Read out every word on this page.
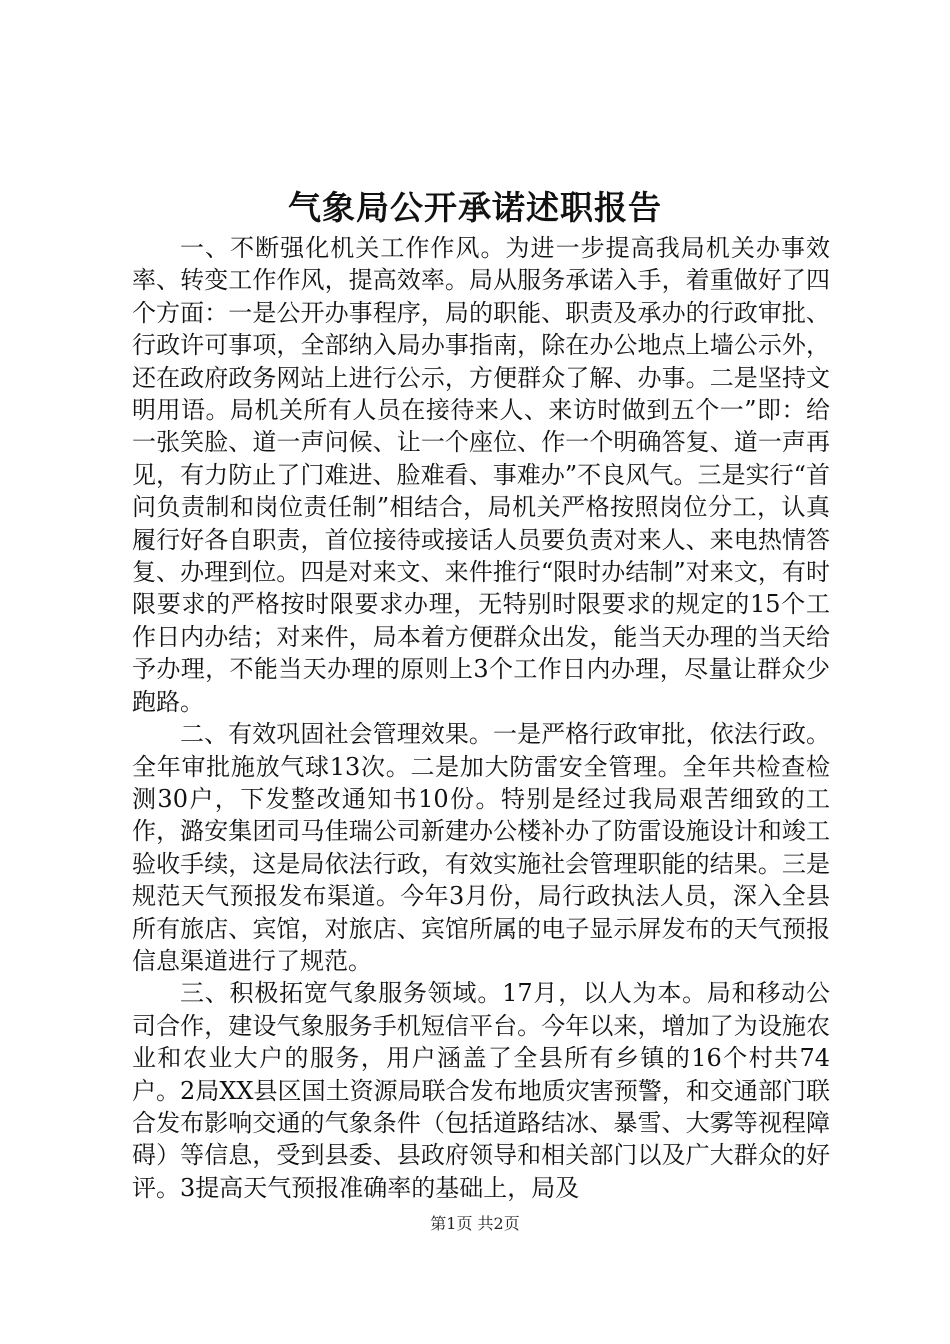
气象局公开承诺述职报告

一、不断强化机关工作作风。为进一步提高我局机关办事效率、转变工作作风，提高效率。局从服务承诺入手，着重做好了四个方面：一是公开办事程序，局的职能、职责及承办的行政审批、行政许可事项，全部纳入局办事指南，除在办公地点上墙公示外，还在政府政务网站上进行公示，方便群众了解、办事。二是坚持文明用语。局机关所有人员在接待来人、来访时做到五个一”即：给一张笑脸、道一声问候、让一个座位、作一个明确答复、道一声再见，有力防止了门难进、脸难看、事难办”不良风气。三是实行“首问负责制和岗位责任制”相结合，局机关严格按照岗位分工，认真履行好各自职责，首位接待或接话人员要负责对来人、来电热情答复、办理到位。四是对来文、来件推行“限时办结制”对来文，有时限要求的严格按时限要求办理，无特别时限要求的规定的15个工作日内办结；对来件，局本着方便群众出发，能当天办理的当天给予办理，不能当天办理的原则上3个工作日内办理，尽量让群众少跑路。

二、有效巩固社会管理效果。一是严格行政审批，依法行政。全年审批施放气球13次。二是加大防雷安全管理。全年共检查检测30户，下发整改通知书10份。特别是经过我局艰苦细致的工作，潞安集团司马佳瑞公司新建办公楼补办了防雷设施设计和竣工验收手续，这是局依法行政，有效实施社会管理职能的结果。三是规范天气预报发布渠道。今年3月份，局行政执法人员，深入全县所有旅店、宾馆，对旅店、宾馆所属的电子显示屏发布的天气预报信息渠道进行了规范。

三、积极拓宽气象服务领域。17月，以人为本。局和移动公司合作，建设气象服务手机短信平台。今年以来，增加了为设施农业和农业大户的服务，用户涵盖了全县所有乡镇的16个村共74户。2局XX县区国土资源局联合发布地质灾害预警，和交通部门联合发布影响交通的气象条件（包括道路结冰、暴雪、大雾等视程障碍）等信息，受到县委、县政府领导和相关部门以及广大群众的好评。3提高天气预报准确率的基础上，局及

第1页 共2页
